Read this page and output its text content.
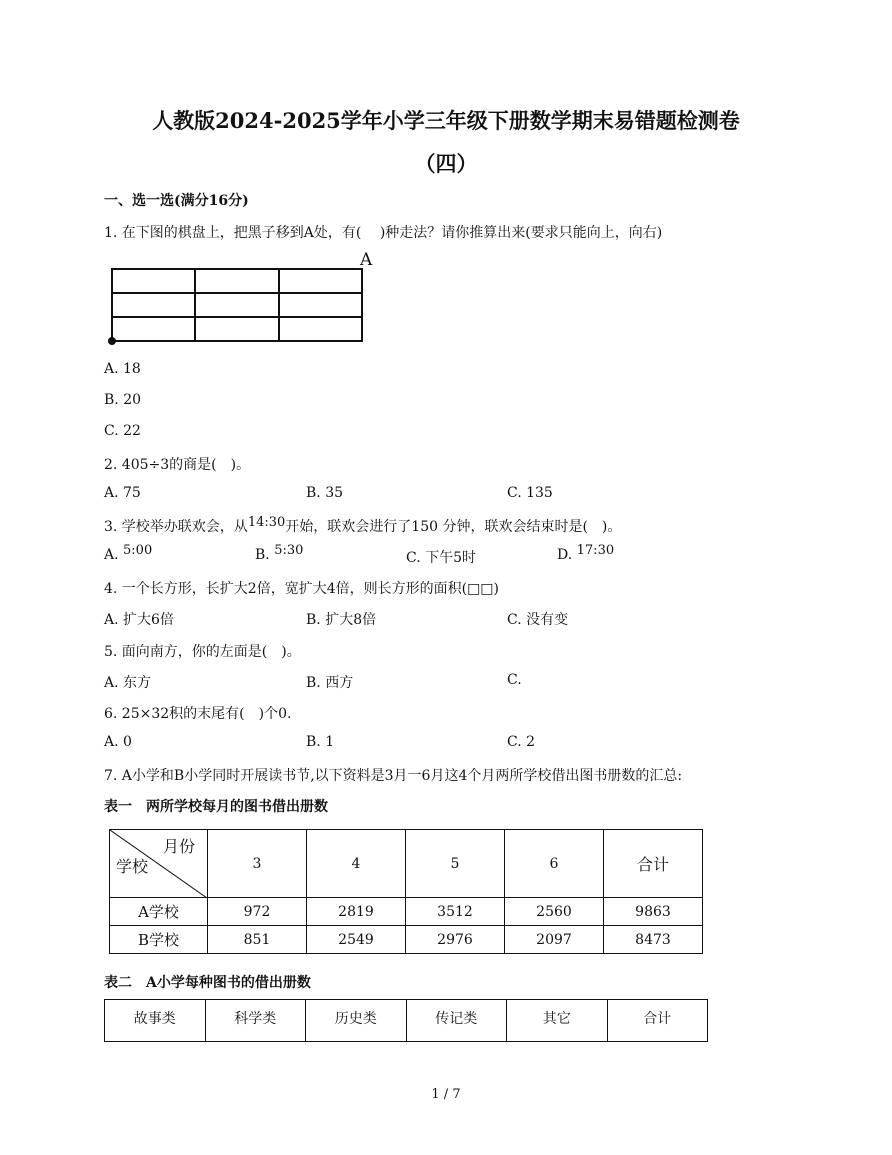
人教版2024-2025学年小学三年级下册数学期末易错题检测卷
（四）
一、选一选(满分16分)
1. 在下图的棋盘上，把黑子移到A处，有(　 )种走法？请你推算出来(要求只能向上，向右)
A
A. 18
B. 20
C. 22
2. 405÷3的商是(　)。
A. 75	B. 35	C. 135
3. 学校举办联欢会，从14:30开始，联欢会进行了150 分钟，联欢会结束时是(　)。
A. 5:00	B. 5:30	C. 下午5时	D. 17:30
4. 一个长方形，长扩大2倍，宽扩大4倍，则长方形的面积(□□)
A. 扩大6倍	B. 扩大8倍	C. 没有变
5. 面向南方，你的左面是(　)。
A. 东方	B. 西方	C.
6. 25×32积的末尾有(　)个0.
A. 0	B. 1	C. 2
7. A小学和B小学同时开展读书节,以下资料是3月一6月这4个月两所学校借出图书册数的汇总:
表一　两所学校每月的图书借出册数
月份
学校	3	4	5	6	合计
A学校	972	2819	3512	2560	9863
B学校	851	2549	2976	2097	8473
表二　A小学每种图书的借出册数
故事类	科学类	历史类	传记类	其它	合计
1 / 7
